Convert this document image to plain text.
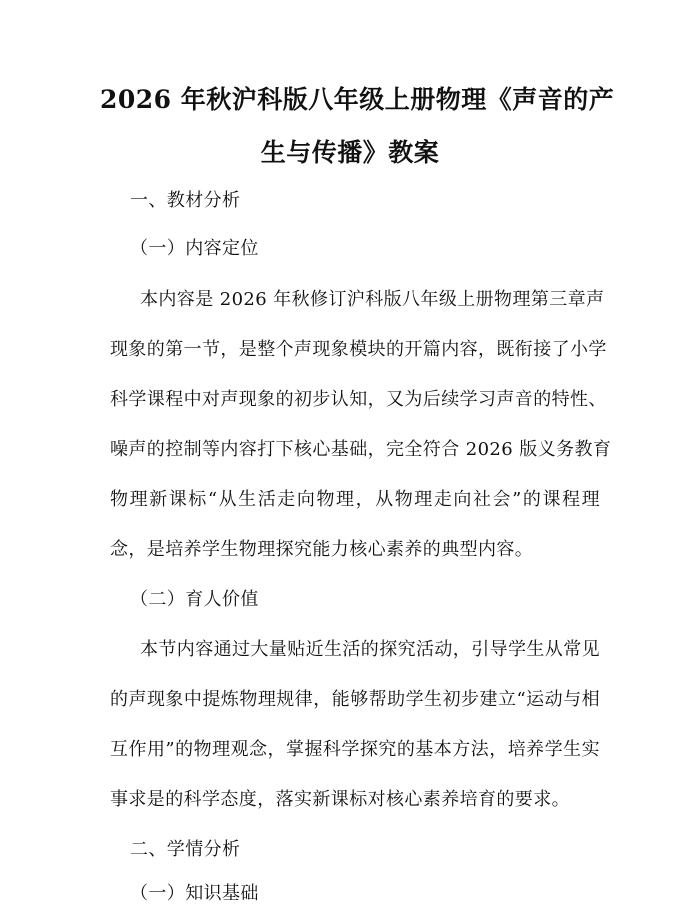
2026 年秋沪科版八年级上册物理《声音的产
生与传播》教案
一、教材分析
（一）内容定位
本内容是 2026 年秋修订沪科版八年级上册物理第三章声
现象的第一节，是整个声现象模块的开篇内容，既衔接了小学
科学课程中对声现象的初步认知，又为后续学习声音的特性、
噪声的控制等内容打下核心基础，完全符合 2026 版义务教育
物理新课标“从生活走向物理，从物理走向社会”的课程理
念，是培养学生物理探究能力核心素养的典型内容。
（二）育人价值
本节内容通过大量贴近生活的探究活动，引导学生从常见
的声现象中提炼物理规律，能够帮助学生初步建立“运动与相
互作用”的物理观念，掌握科学探究的基本方法，培养学生实
事求是的科学态度，落实新课标对核心素养培育的要求。
二、学情分析
（一）知识基础
